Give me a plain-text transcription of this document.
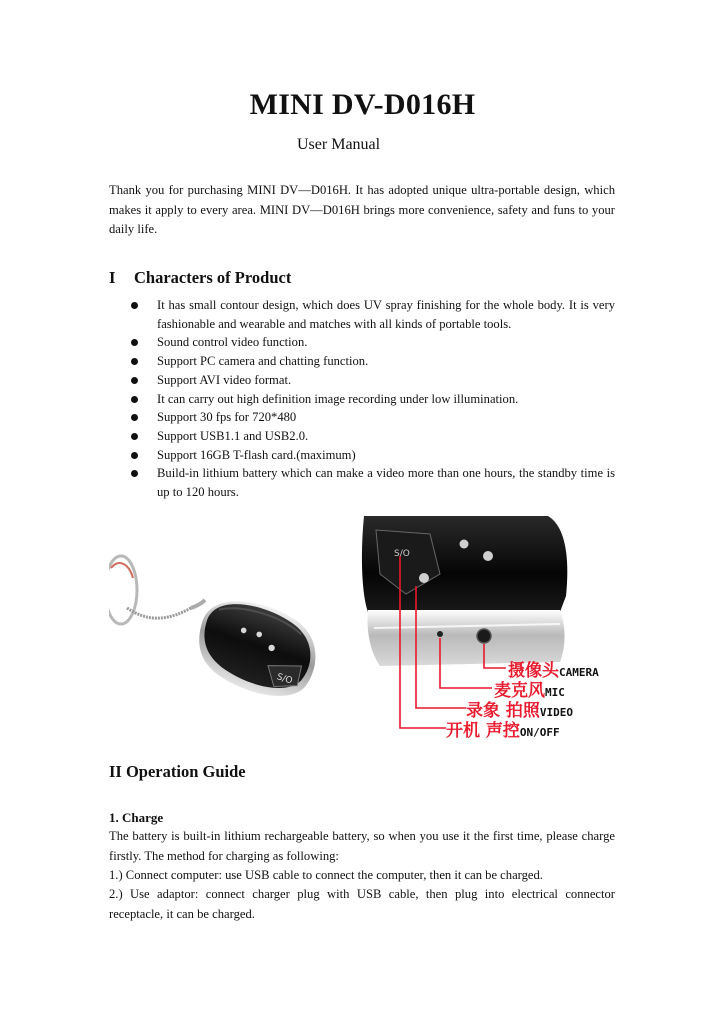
MINI DV-D016H
User Manual
Thank you for purchasing MINI DV—D016H. It has adopted unique ultra-portable design, which makes it apply to every area. MINI DV—D016H brings more convenience, safety and funs to your daily life.
I Characters of Product
It has small contour design, which does UV spray finishing for the whole body. It is very fashionable and wearable and matches with all kinds of portable tools.
Sound control video function.
Support PC camera and chatting function.
Support AVI video format.
It can carry out high definition image recording under low illumination.
Support 30 fps for 720*480
Support USB1.1 and USB2.0.
Support 16GB T-flash card.(maximum)
Build-in lithium battery which can make a video more than one hours, the standby time is up to 120 hours.
S/O
S/O
摄像头CAMERA
麦克风MIC
录象 拍照VIDEO
开机 声控ON/OFF
II Operation Guide
1. Charge
The battery is built-in lithium rechargeable battery, so when you use it the first time, please charge firstly. The method for charging as following:
1.) Connect computer: use USB cable to connect the computer, then it can be charged.
2.) Use adaptor: connect charger plug with USB cable, then plug into electrical connector receptacle, it can be charged.
